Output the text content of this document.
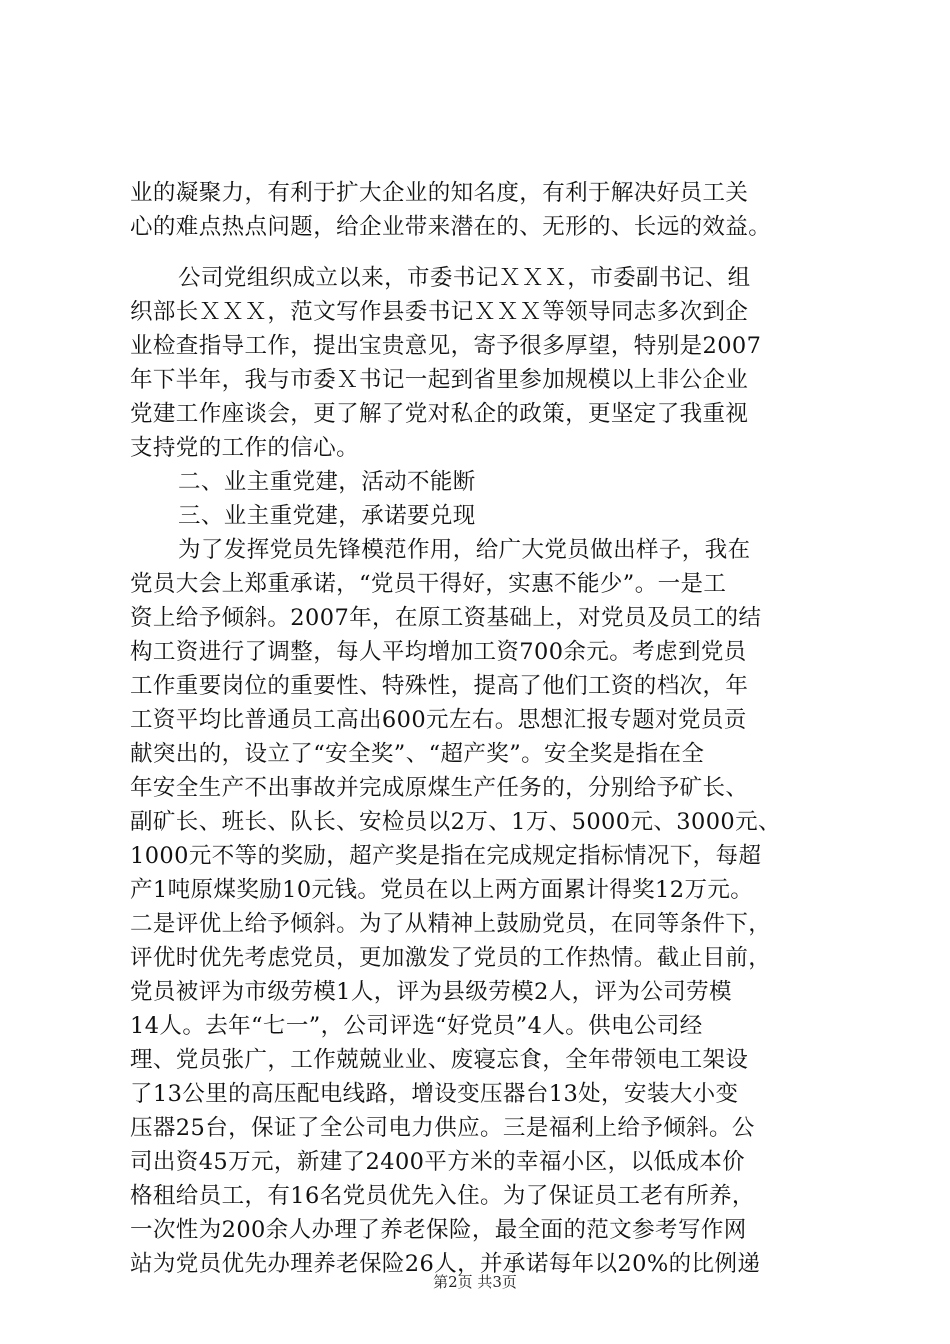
业的凝聚力，有利于扩大企业的知名度，有利于解决好员工关
心的难点热点问题，给企业带来潜在的、无形的、长远的效益。
公司党组织成立以来，市委书记ＸＸＸ，市委副书记、组
织部长ＸＸＸ，范文写作县委书记ＸＸＸ等领导同志多次到企
业检查指导工作，提出宝贵意见，寄予很多厚望，特别是2007
年下半年，我与市委Ｘ书记一起到省里参加规模以上非公企业
党建工作座谈会，更了解了党对私企的政策，更坚定了我重视
支持党的工作的信心。
二、业主重党建，活动不能断
三、业主重党建，承诺要兑现
为了发挥党员先锋模范作用，给广大党员做出样子，我在
党员大会上郑重承诺，“党员干得好，实惠不能少”。一是工
资上给予倾斜。2007年，在原工资基础上，对党员及员工的结
构工资进行了调整，每人平均增加工资700余元。考虑到党员
工作重要岗位的重要性、特殊性，提高了他们工资的档次，年
工资平均比普通员工高出600元左右。思想汇报专题对党员贡
献突出的，设立了“安全奖”、“超产奖”。安全奖是指在全
年安全生产不出事故并完成原煤生产任务的，分别给予矿长、
副矿长、班长、队长、安检员以2万、1万、5000元、3000元、
1000元不等的奖励，超产奖是指在完成规定指标情况下，每超
产1吨原煤奖励10元钱。党员在以上两方面累计得奖12万元。
二是评优上给予倾斜。为了从精神上鼓励党员，在同等条件下，
评优时优先考虑党员，更加激发了党员的工作热情。截止目前，
党员被评为市级劳模1人，评为县级劳模2人，评为公司劳模
14人。去年“七一”，公司评选“好党员”4人。供电公司经
理、党员张广，工作兢兢业业、废寝忘食，全年带领电工架设
了13公里的高压配电线路，增设变压器台13处，安装大小变
压器25台，保证了全公司电力供应。三是福利上给予倾斜。公
司出资45万元，新建了2400平方米的幸福小区，以低成本价
格租给员工，有16名党员优先入住。为了保证员工老有所养，
一次性为200余人办理了养老保险，最全面的范文参考写作网
站为党员优先办理养老保险26人，并承诺每年以20%的比例递
第2页 共3页
